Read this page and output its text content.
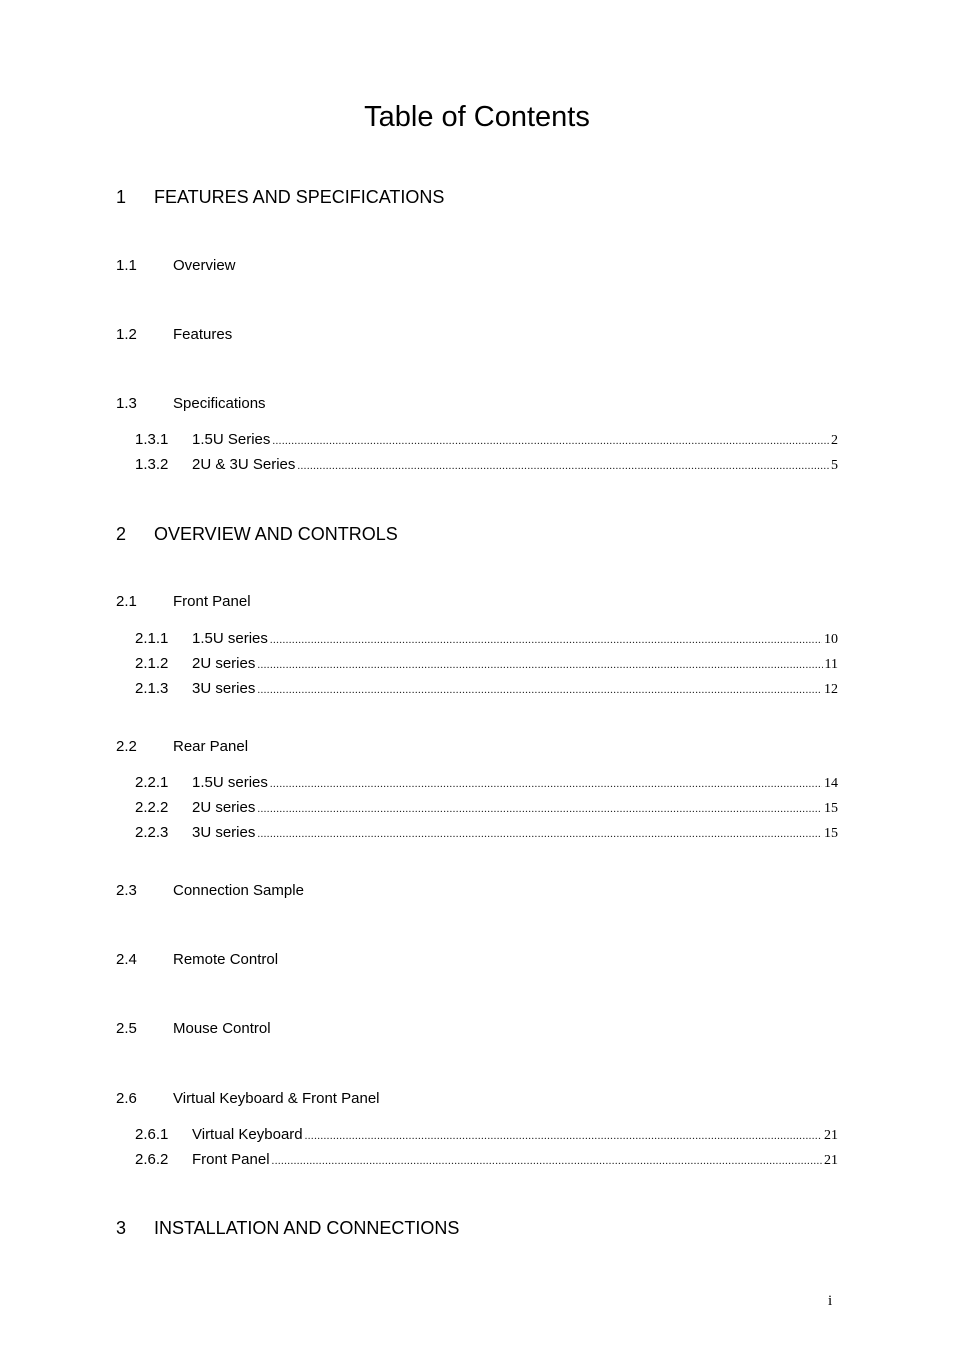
Table of Contents
1 FEATURES AND SPECIFICATIONS
1.1 Overview
1.2 Features
1.3 Specifications
1.3.1	1.5U Series .....	2
1.3.2	2U & 3U Series .....	5
2 OVERVIEW AND CONTROLS
2.1 Front Panel
2.1.1	1.5U series .....	10
2.1.2	2U series .....	11
2.1.3	3U series .....	12
2.2 Rear Panel
2.2.1	1.5U series .....	14
2.2.2	2U series .....	15
2.2.3	3U series .....	15
2.3 Connection Sample
2.4 Remote Control
2.5 Mouse Control
2.6 Virtual Keyboard & Front Panel
2.6.1	Virtual Keyboard .....	21
2.6.2	Front Panel .....	21
3 INSTALLATION AND CONNECTIONS
i
